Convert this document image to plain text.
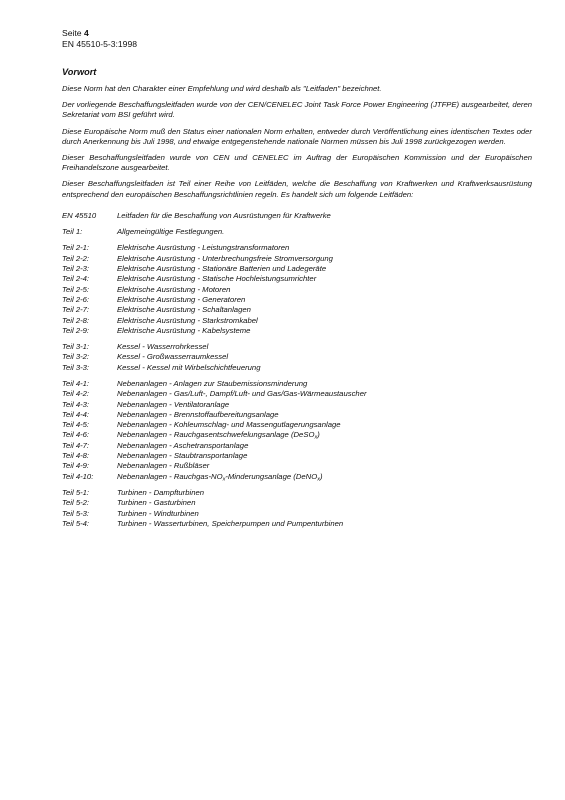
Seite 4
EN 45510-5-3:1998
Vorwort
Diese Norm hat den Charakter einer Empfehlung und wird deshalb als "Leitfaden" bezeichnet.
Der vorliegende Beschaffungsleitfaden wurde von der CEN/CENELEC Joint Task Force Power Engineering (JTFPE) ausgearbeitet, deren Sekretariat vom BSI geführt wird.
Diese Europäische Norm muß den Status einer nationalen Norm erhalten, entweder durch Veröffentlichung eines identischen Textes oder durch Anerkennung bis Juli 1998, und etwaige entgegenstehende nationale Normen müssen bis Juli 1998 zurückgezogen werden.
Dieser Beschaffungsleitfaden wurde von CEN und CENELEC im Auftrag der Europäischen Kommission und der Europäischen Freihandelszone ausgearbeitet.
Dieser Beschaffungsleitfaden ist Teil einer Reihe von Leitfäden, welche die Beschaffung von Kraftwerken und Kraftwerksausrüstung entsprechend den europäischen Beschaffungsrichtlinien regeln. Es handelt sich um folgende Leitfäden:
EN 45510	Leitfaden für die Beschaffung von Ausrüstungen für Kraftwerke
Teil 1:	Allgemeingültige Festlegungen.
Teil 2-1:	Elektrische Ausrüstung - Leistungstransformatoren
Teil 2-2:	Elektrische Ausrüstung - Unterbrechungsfreie Stromversorgung
Teil 2-3:	Elektrische Ausrüstung - Stationäre Batterien und Ladegeräte
Teil 2-4:	Elektrische Ausrüstung - Statische Hochleistungsumrichter
Teil 2-5:	Elektrische Ausrüstung - Motoren
Teil 2-6:	Elektrische Ausrüstung - Generatoren
Teil 2-7:	Elektrische Ausrüstung - Schaltanlagen
Teil 2-8:	Elektrische Ausrüstung - Starkstromkabel
Teil 2-9:	Elektrische Ausrüstung - Kabelsysteme
Teil 3-1:	Kessel - Wasserrohrkessel
Teil 3-2:	Kessel - Großwasserraumkessel
Teil 3-3:	Kessel - Kessel mit Wirbelschichtfeuerung
Teil 4-1:	Nebenanlagen - Anlagen zur Staubemissionsminderung
Teil 4-2:	Nebenanlagen - Gas/Luft-, Dampf/Luft- und Gas/Gas-Wärmeaustauscher
Teil 4-3:	Nebenanlagen - Ventilatoranlage
Teil 4-4:	Nebenanlagen - Brennstoffaufbereitungsanlage
Teil 4-5:	Nebenanlagen - Kohleumschlag- und Massengutlagerungsanlage
Teil 4-6:	Nebenanlagen - Rauchgasentschwefelungsanlage (DeSO$_x$)
Teil 4-7:	Nebenanlagen - Aschetransportanlage
Teil 4-8:	Nebenanlagen - Staubtransportanlage
Teil 4-9:	Nebenanlagen - Rußbläser
Teil 4-10:	Nebenanlagen - Rauchgas-$NO_x$-Minderungsanlage (DeNO$_x$)
Teil 5-1:	Turbinen - Dampfturbinen
Teil 5-2:	Turbinen - Gasturbinen
Teil 5-3:	Turbinen - Windturbinen
Teil 5-4:	Turbinen - Wasserturbinen, Speicherpumpen und Pumpenturbinen
